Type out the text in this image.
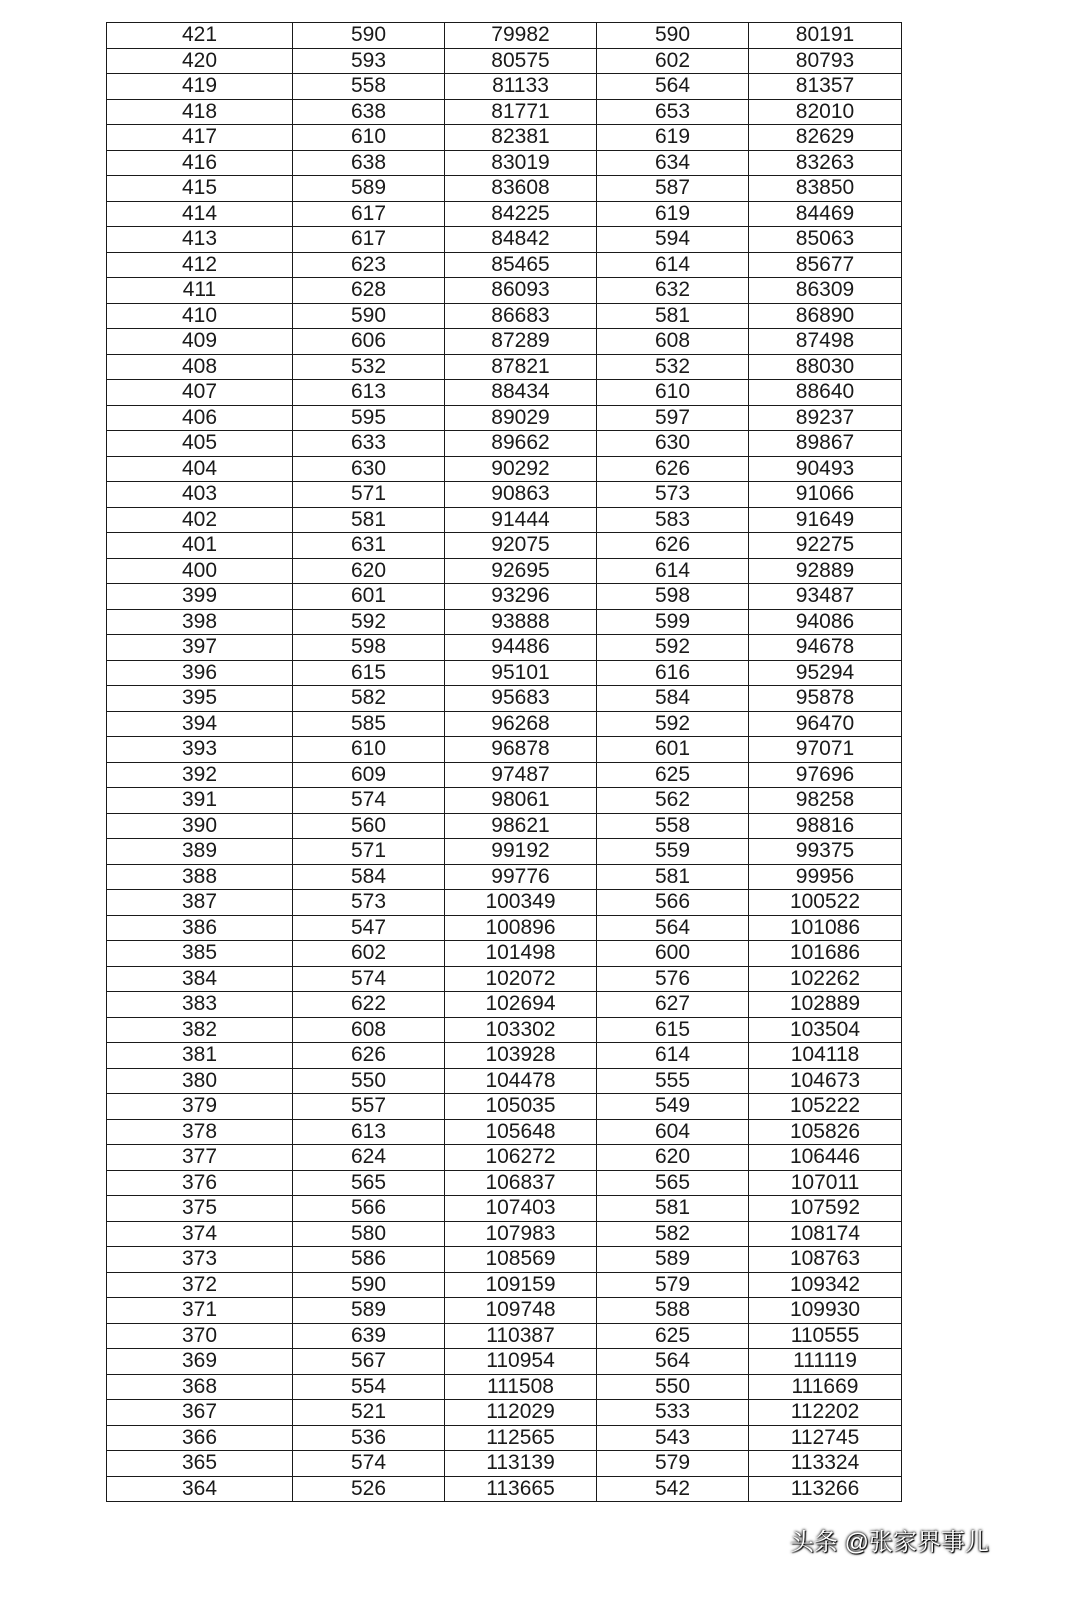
421	590	79982	590	80191
420	593	80575	602	80793
419	558	81133	564	81357
418	638	81771	653	82010
417	610	82381	619	82629
416	638	83019	634	83263
415	589	83608	587	83850
414	617	84225	619	84469
413	617	84842	594	85063
412	623	85465	614	85677
411	628	86093	632	86309
410	590	86683	581	86890
409	606	87289	608	87498
408	532	87821	532	88030
407	613	88434	610	88640
406	595	89029	597	89237
405	633	89662	630	89867
404	630	90292	626	90493
403	571	90863	573	91066
402	581	91444	583	91649
401	631	92075	626	92275
400	620	92695	614	92889
399	601	93296	598	93487
398	592	93888	599	94086
397	598	94486	592	94678
396	615	95101	616	95294
395	582	95683	584	95878
394	585	96268	592	96470
393	610	96878	601	97071
392	609	97487	625	97696
391	574	98061	562	98258
390	560	98621	558	98816
389	571	99192	559	99375
388	584	99776	581	99956
387	573	100349	566	100522
386	547	100896	564	101086
385	602	101498	600	101686
384	574	102072	576	102262
383	622	102694	627	102889
382	608	103302	615	103504
381	626	103928	614	104118
380	550	104478	555	104673
379	557	105035	549	105222
378	613	105648	604	105826
377	624	106272	620	106446
376	565	106837	565	107011
375	566	107403	581	107592
374	580	107983	582	108174
373	586	108569	589	108763
372	590	109159	579	109342
371	589	109748	588	109930
370	639	110387	625	110555
369	567	110954	564	111119
368	554	111508	550	111669
367	521	112029	533	112202
366	536	112565	543	112745
365	574	113139	579	113324
364	526	113665	542	113266
头条 @张家界事儿
